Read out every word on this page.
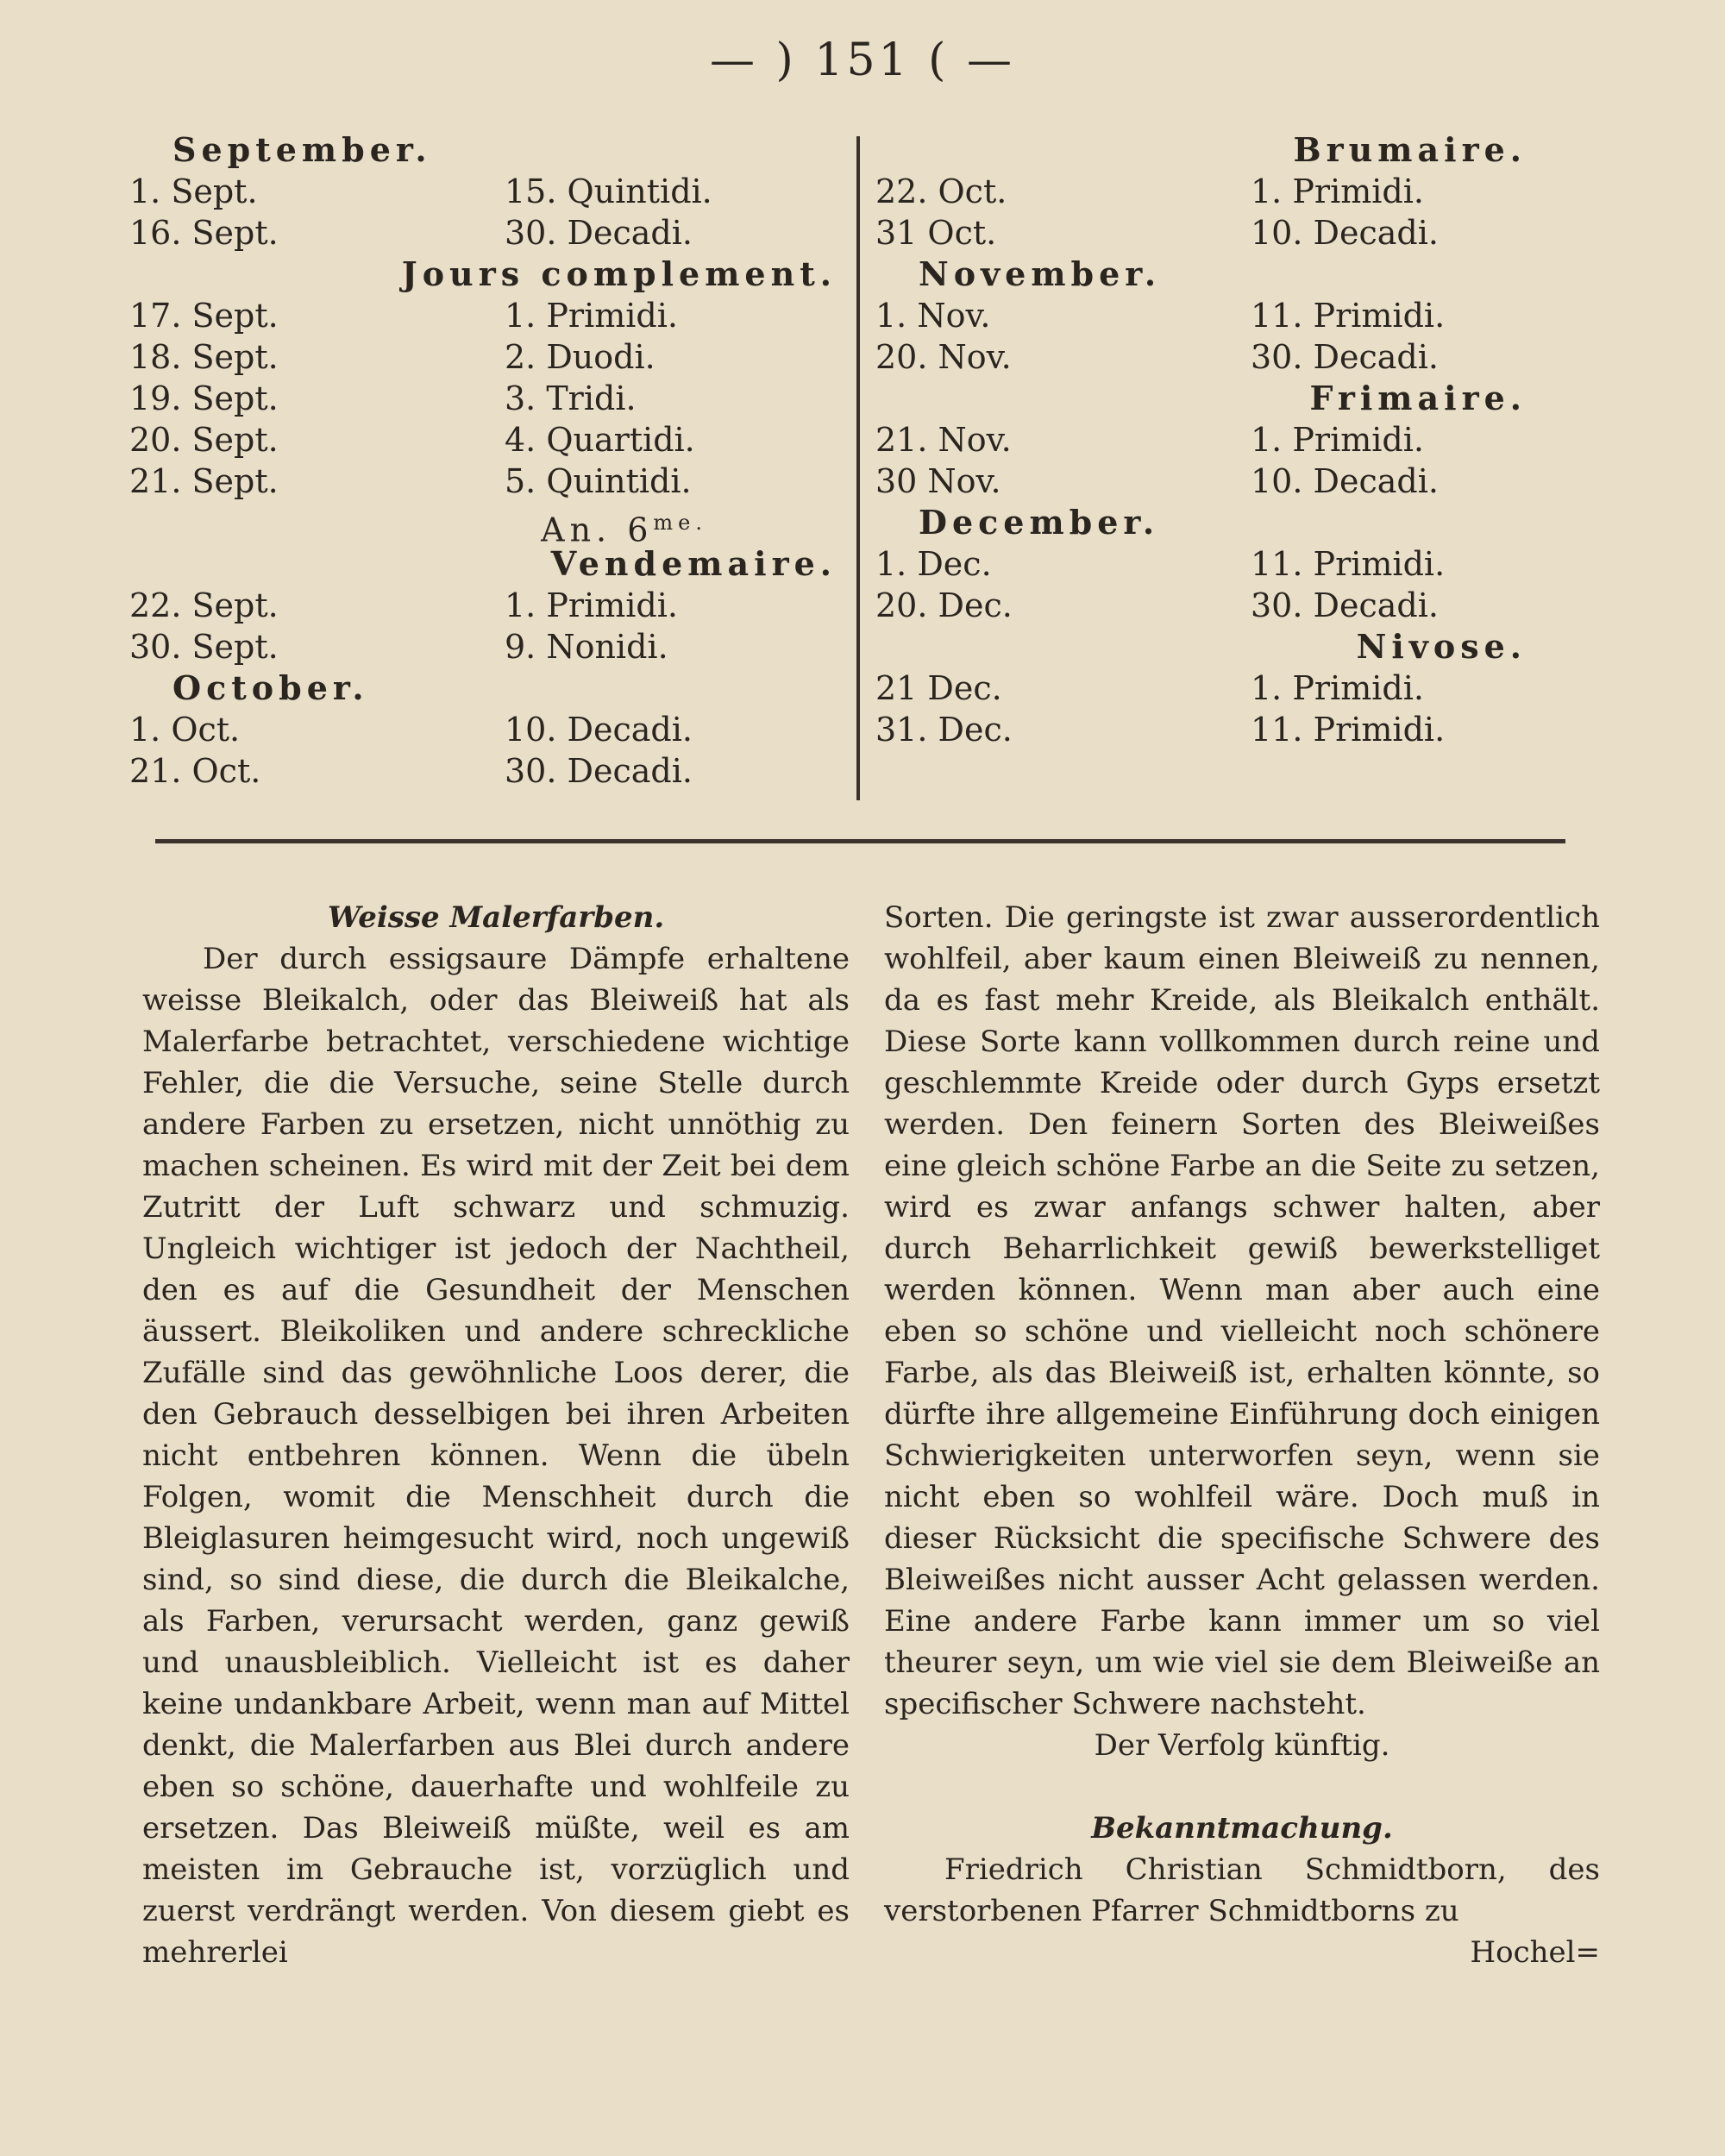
— ) 151 ( —
September.
1. Sept.	15. Quintidi.
16. Sept.	30. Decadi.
Jours complement.
17. Sept.	1. Primidi.
18. Sept.	2. Duodi.
19. Sept.	3. Tridi.
20. Sept.	4. Quartidi.
21. Sept.	5. Quintidi.
An. $6^{me.}$
Vendemaire.
22. Sept.	1. Primidi.
30. Sept.	9. Nonidi.
October.
1. Oct.	10. Decadi.
21. Oct.	30. Decadi.
Brumaire.
22. Oct.	1. Primidi.
31 Oct.	10. Decadi.
November.
1. Nov.	11. Primidi.
20. Nov.	30. Decadi.
Frimaire.
21. Nov.	1. Primidi.
30 Nov.	10. Decadi.
December.
1. Dec.	11. Primidi.
20. Dec.	30. Decadi.
Nivose.
21 Dec.	1. Primidi.
31. Dec.	11. Primidi.
Weisse Malerfarben.

Der durch essigsaure Dämpfe erhaltene weisse Bleikalch, oder das Bleiweiß hat als Malerfarbe betrachtet, verschiedene wichtige Fehler, die die Versuche, seine Stelle durch andere Farben zu ersetzen, nicht unnöthig zu machen scheinen. Es wird mit der Zeit bei dem Zutritt der Luft schwarz und schmuzig. Ungleich wichtiger ist jedoch der Nachtheil, den es auf die Gesundheit der Menschen äussert. Bleikoliken und andere schreckliche Zufälle sind das gewöhnliche Loos derer, die den Gebrauch desselbigen bei ihren Arbeiten nicht entbehren können. Wenn die übeln Folgen, womit die Menschheit durch die Bleiglasuren heimgesucht wird, noch ungewiß sind, so sind diese, die durch die Bleikalche, als Farben, verursacht werden, ganz gewiß und unausbleiblich. Vielleicht ist es daher keine undankbare Arbeit, wenn man auf Mittel denkt, die Malerfarben aus Blei durch andere eben so schöne, dauerhafte und wohlfeile zu ersetzen. Das Bleiweiß müßte, weil es am meisten im Gebrauche ist, vorzüglich und zuerst verdrängt werden. Von diesem giebt es mehrerlei

Sorten. Die geringste ist zwar ausserordentlich wohlfeil, aber kaum einen Bleiweiß zu nennen, da es fast mehr Kreide, als Bleikalch enthält. Diese Sorte kann vollkommen durch reine und geschlemmte Kreide oder durch Gyps ersetzt werden. Den feinern Sorten des Bleiweißes eine gleich schöne Farbe an die Seite zu setzen, wird es zwar anfangs schwer halten, aber durch Beharrlichkeit gewiß bewerkstelliget werden können. Wenn man aber auch eine eben so schöne und vielleicht noch schönere Farbe, als das Bleiweiß ist, erhalten könnte, so dürfte ihre allgemeine Einführung doch einigen Schwierigkeiten unterworfen seyn, wenn sie nicht eben so wohlfeil wäre. Doch muß in dieser Rücksicht die specifische Schwere des Bleiweißes nicht ausser Acht gelassen werden. Eine andere Farbe kann immer um so viel theurer seyn, um wie viel sie dem Bleiweiße an specifischer Schwere nachsteht.

Der Verfolg künftig.
Bekanntmachung.

Friedrich Christian Schmidtborn, des verstorbenen Pfarrer Schmidtborns zu

Hochel=
